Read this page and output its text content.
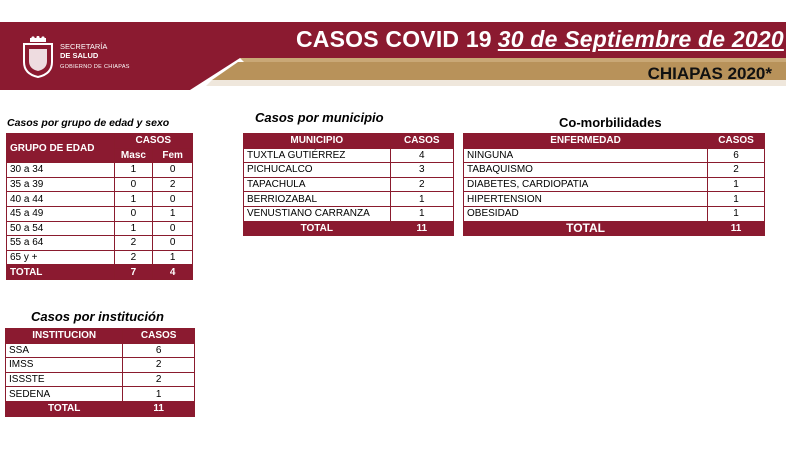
SECRETARÍA
DE SALUD
GOBIERNO DE CHIAPAS
CASOS COVID 19 30 de Septiembre de 2020
CHIAPAS 2020*
Casos por grupo de edad y sexo
GRUPO DE EDAD	CASOS	
	Masc	Fem
30 a 34	1	0
35 a 39	0	2
40 a 44	1	0
45 a 49	0	1
50 a 54	1	0
55 a 64	2	0
65 y +	2	1
TOTAL	7	4
Casos por municipio
MUNICIPIO	CASOS
TUXTLA GUTIÉRREZ	4
PICHUCALCO	3
TAPACHULA	2
BERRIOZABAL	1
VENUSTIANO CARRANZA	1
TOTAL	11
Co-morbilidades
ENFERMEDAD	CASOS
NINGUNA	6
TABAQUISMO	2
DIABETES, CARDIOPATIA	1
HIPERTENSION	1
OBESIDAD	1
TOTAL	11
Casos por institución
INSTITUCION	CASOS
SSA	6
IMSS	2
ISSSTE	2
SEDENA	1
TOTAL	11
